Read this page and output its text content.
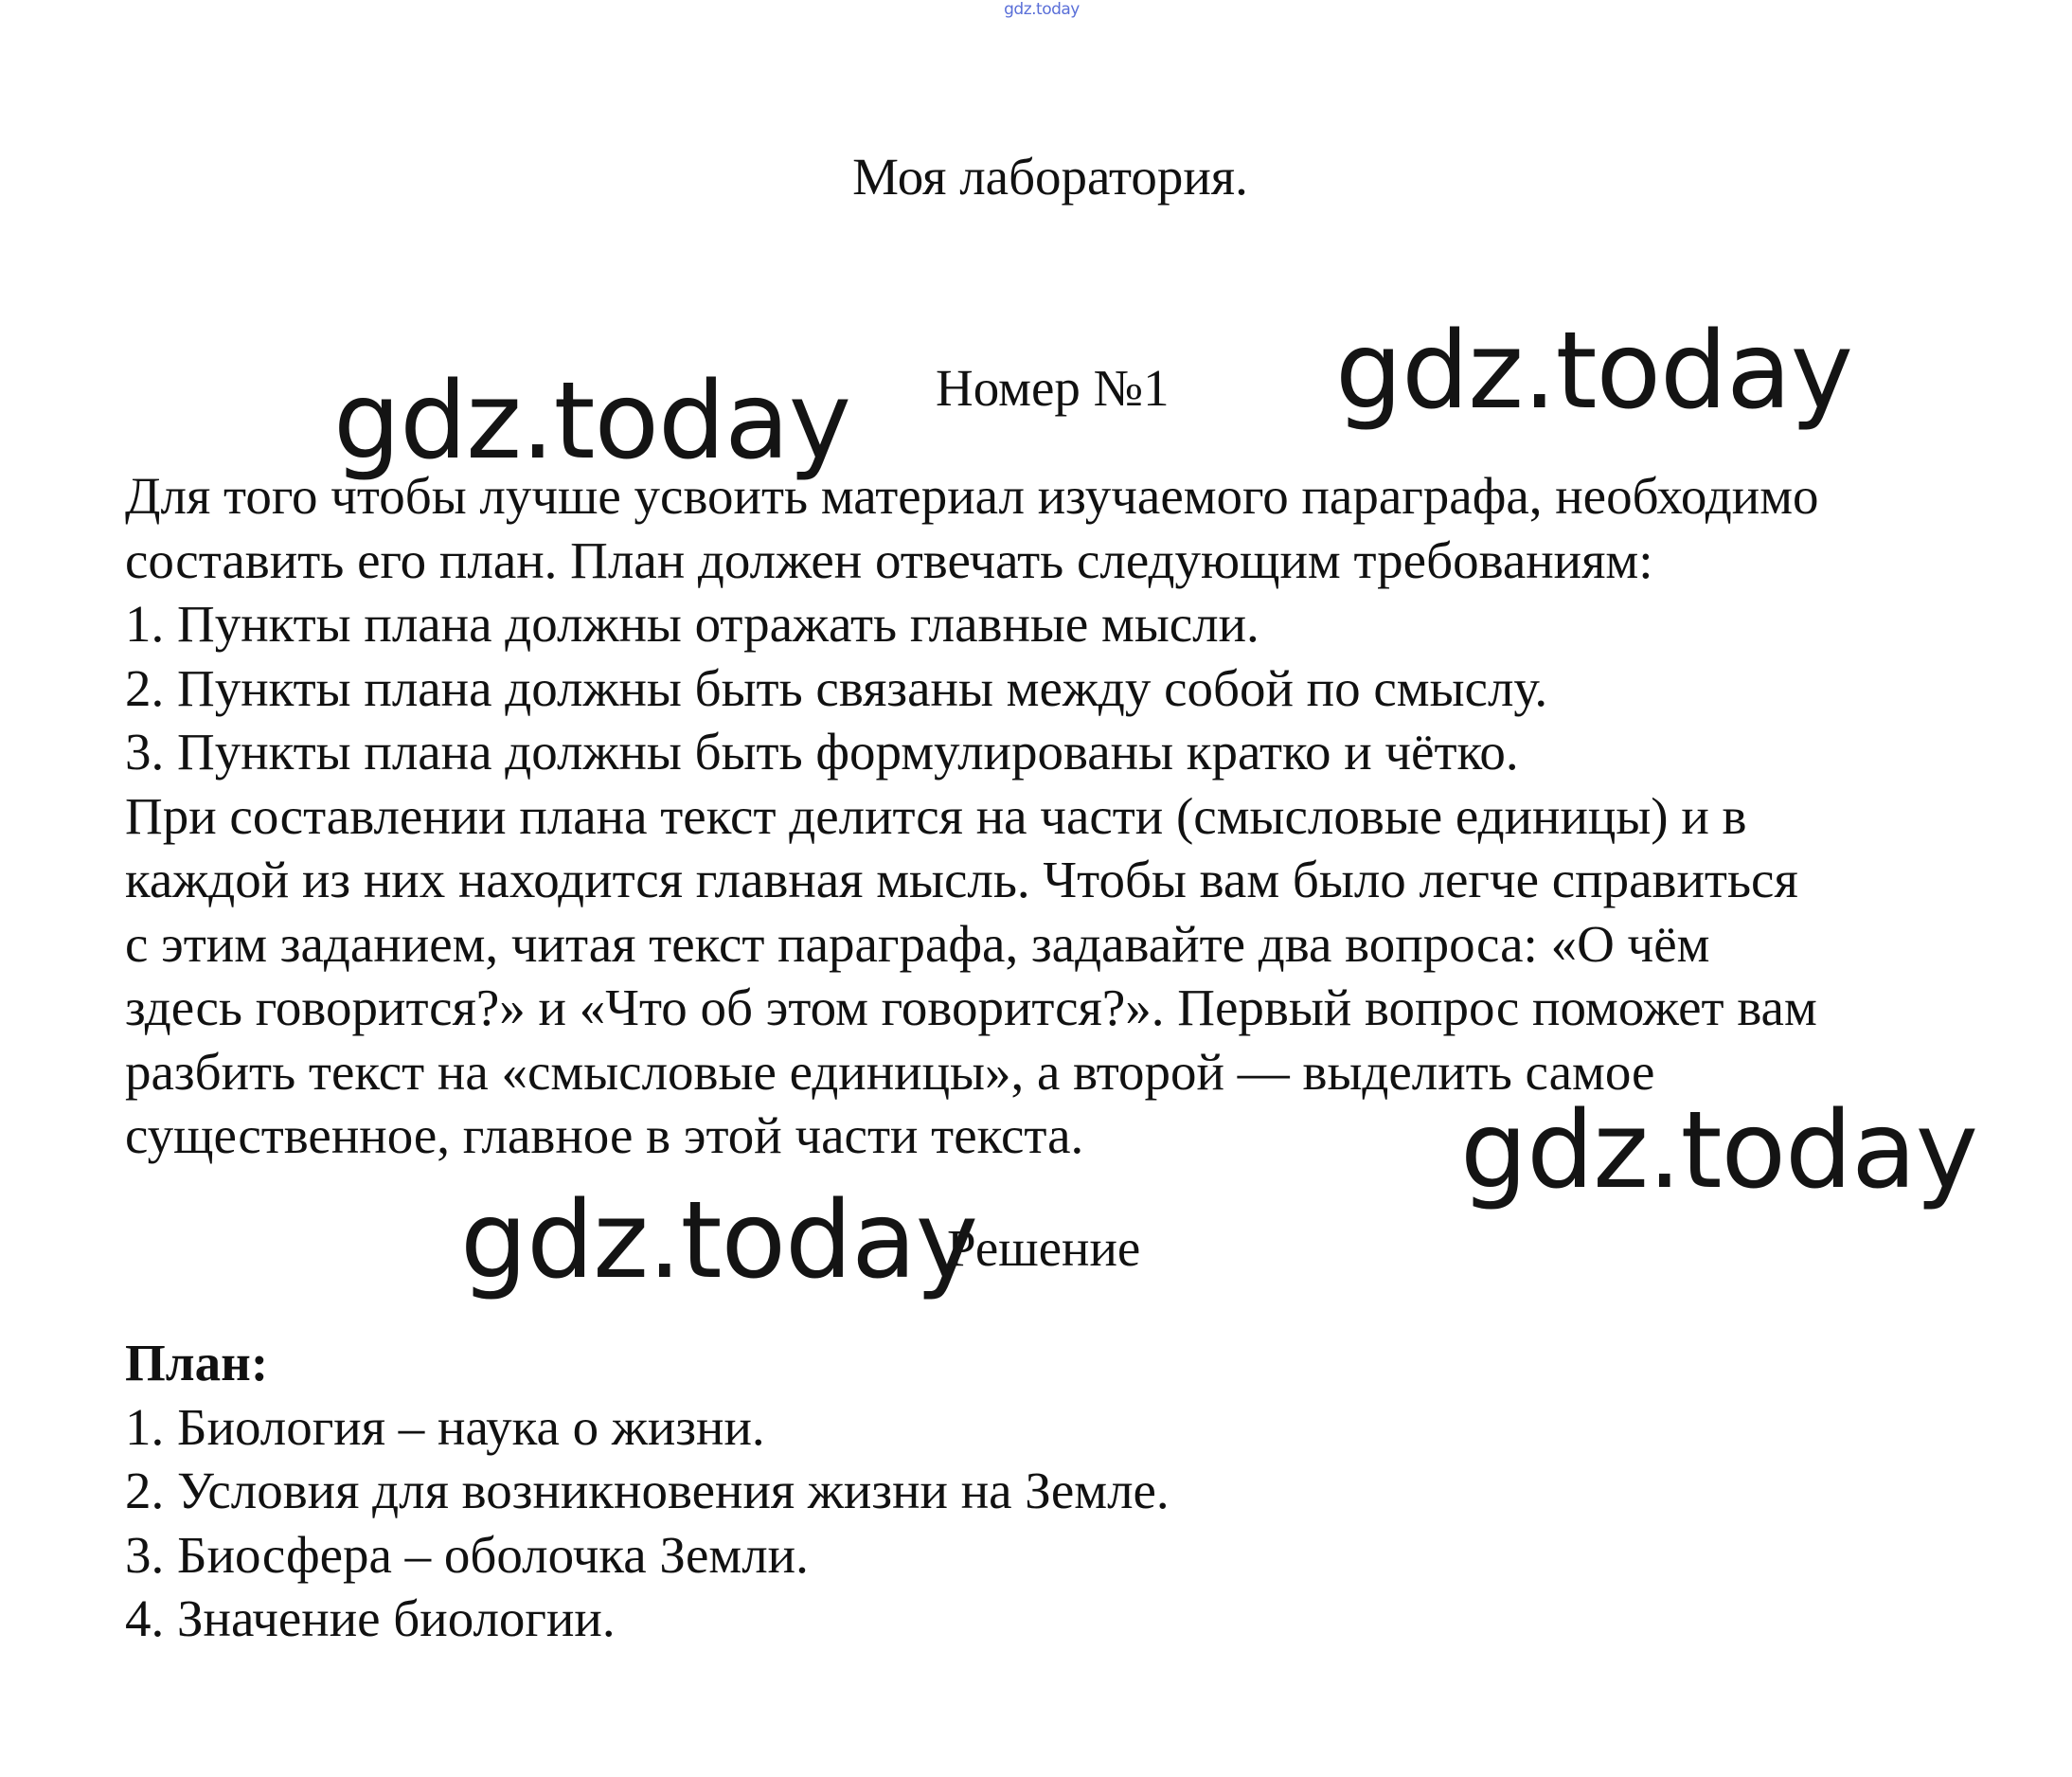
gdz.today
Моя лаборатория.
Номер №1
Для того чтобы лучше усвоить материал изучаемого параграфа, необходимо
составить его план. План должен отвечать следующим требованиям:
1. Пункты плана должны отражать главные мысли.
2. Пункты плана должны быть связаны между собой по смыслу.
3. Пункты плана должны быть формулированы кратко и чётко.
При составлении плана текст делится на части (смысловые единицы) и в
каждой из них находится главная мысль. Чтобы вам было легче справиться
с этим заданием, читая текст параграфа, задавайте два вопроса: «О чём
здесь говорится?» и «Что об этом говорится?». Первый вопрос поможет вам
разбить текст на «смысловые единицы», а второй — выделить самое
существенное, главное в этой части текста.
Решение
План:
1. Биология – наука о жизни.
2. Условия для возникновения жизни на Земле.
3. Биосфера – оболочка Земли.
4. Значение биологии.
gdz.today	gdz.today
gdz.today
gdz.today
